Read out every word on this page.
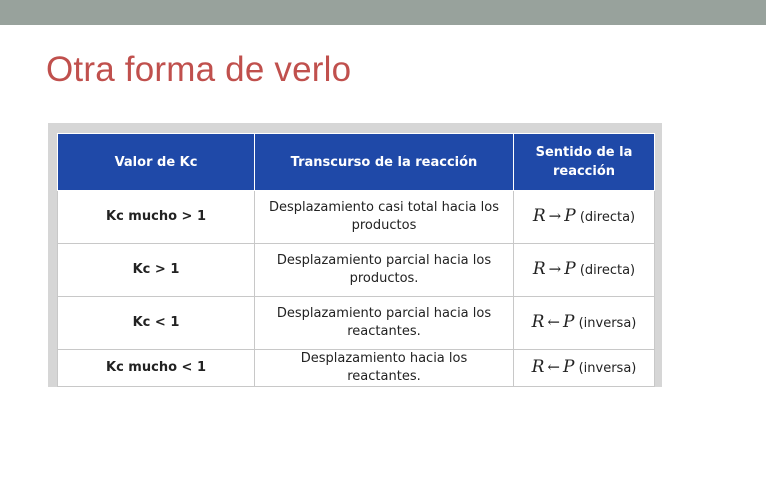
Otra forma de verlo
Valor de Kc	Transcurso de la reacción	Sentido de la reacción
Kc mucho > 1	Desplazamiento casi total hacia los productos	R → P (directa)
Kc > 1	Desplazamiento parcial hacia los productos.	R → P (directa)
Kc < 1	Desplazamiento parcial hacia los reactantes.	R ← P (inversa)
Kc mucho < 1	Desplazamiento hacia los reactantes.	R ← P (inversa)
